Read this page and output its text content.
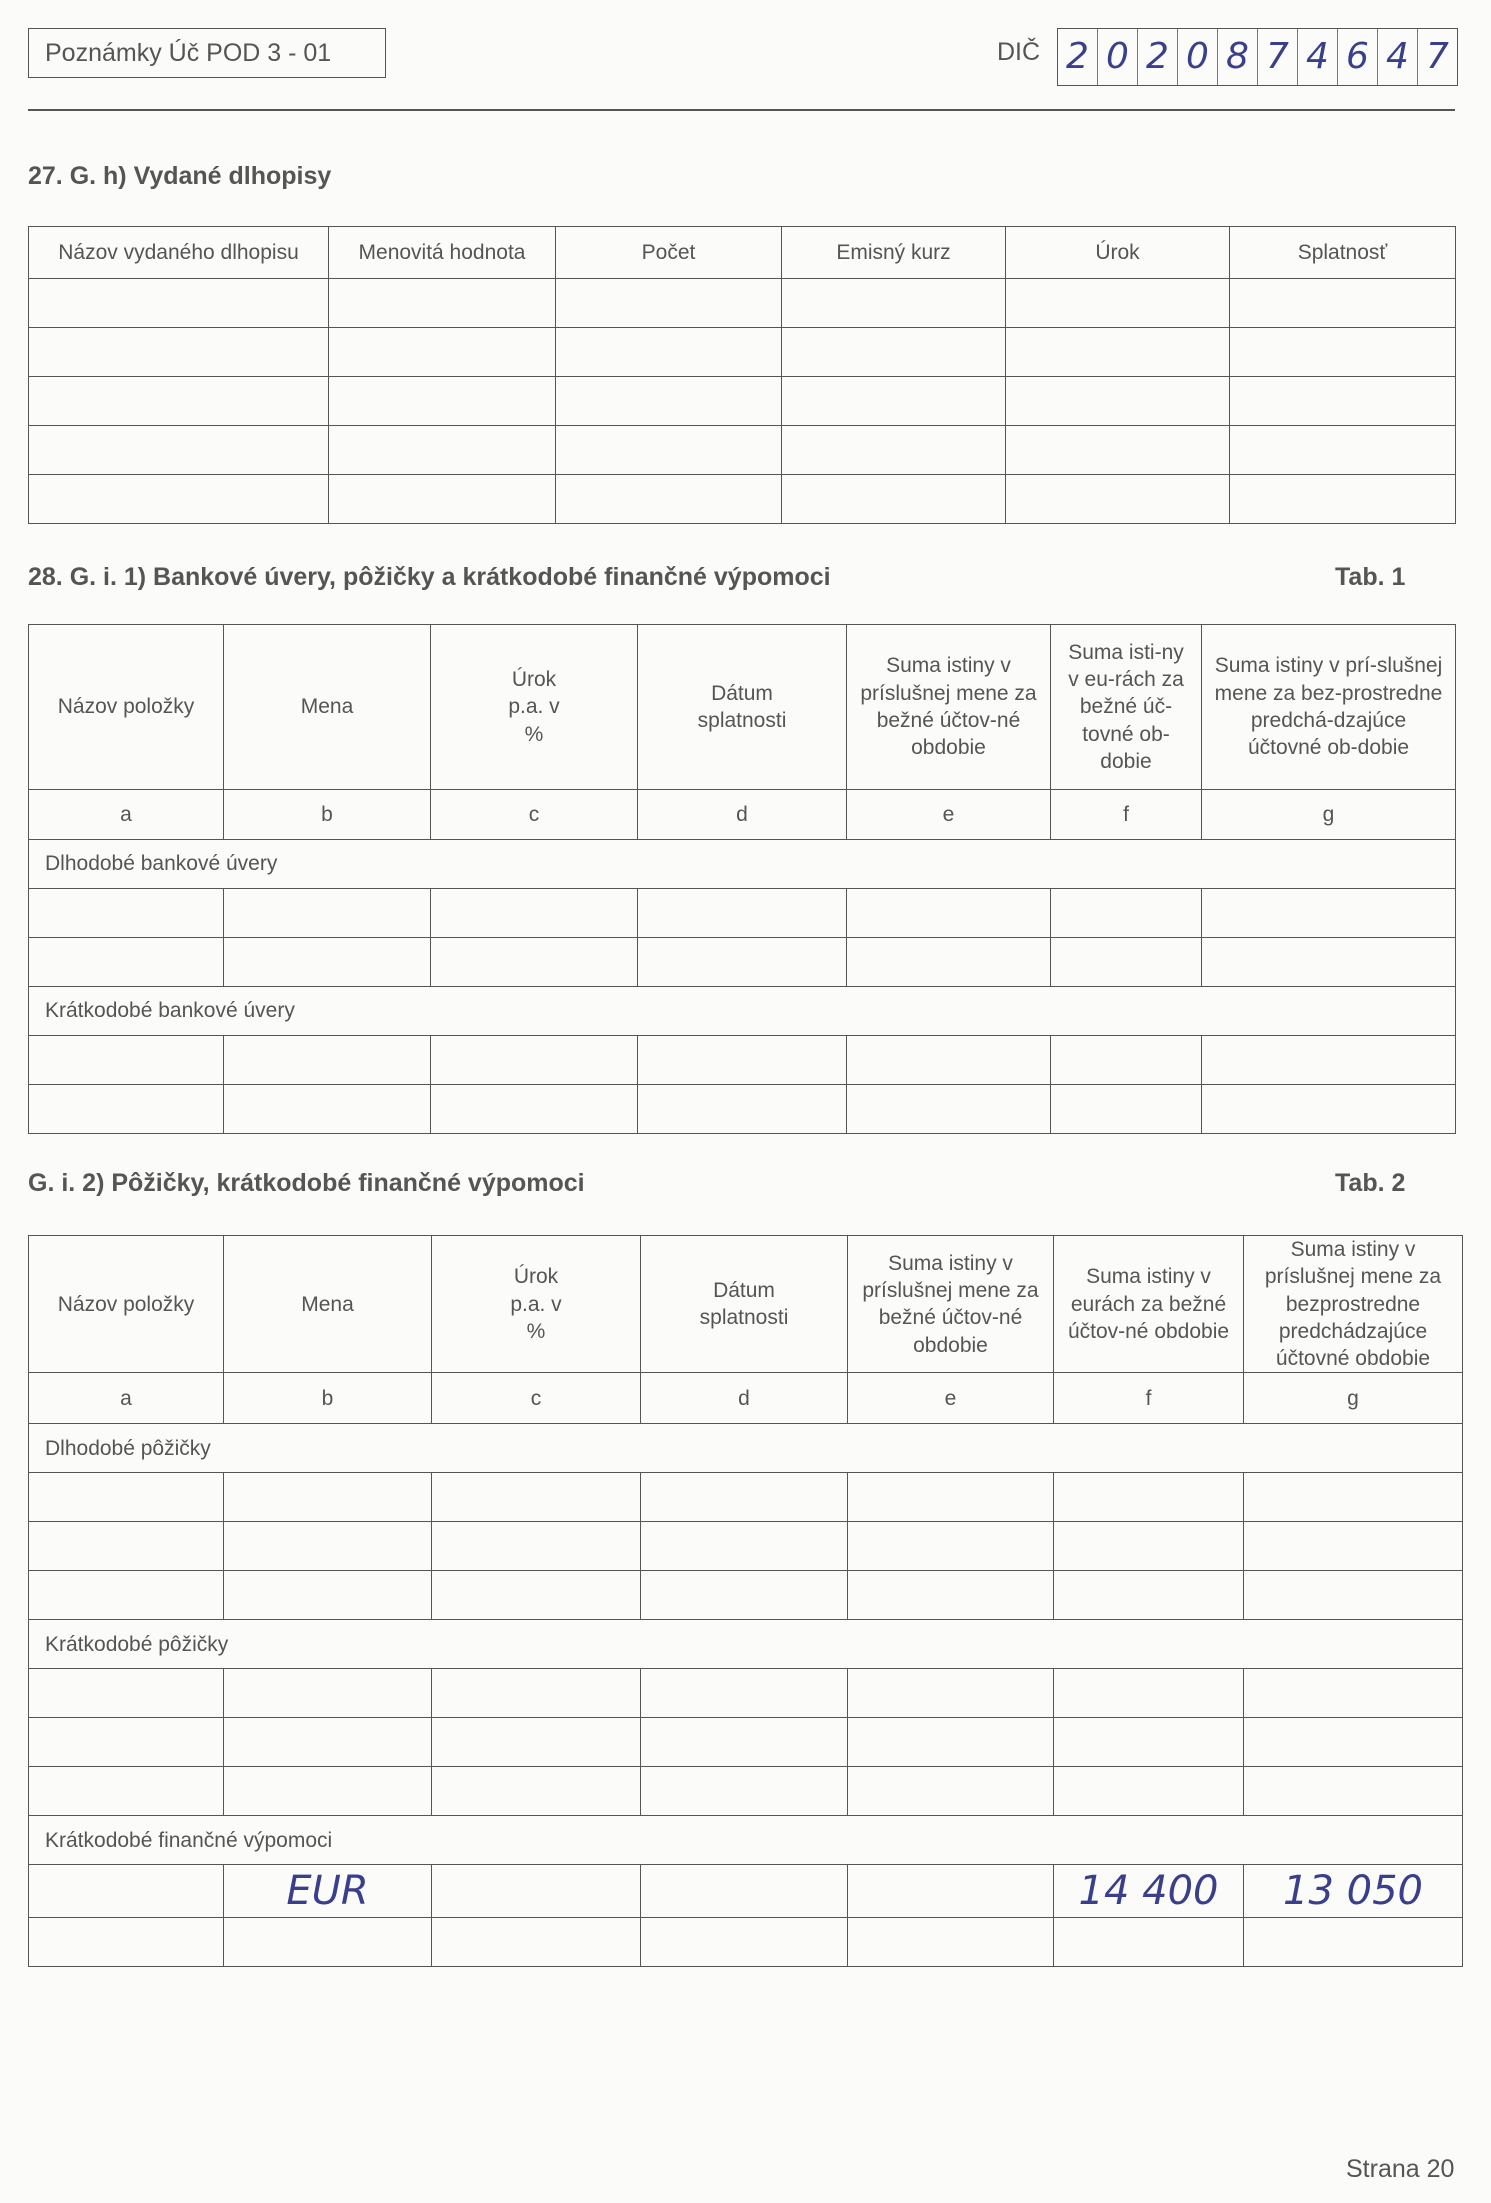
Poznámky Úč POD 3 - 01	DIČ 2 0 2 0 8 7 4 6 4 7
27. G. h) Vydané dlhopisy
Názov vydaného dlhopisu	Menovitá hodnota	Počet	Emisný kurz	Úrok	Splatnosť

28. G. i. 1) Bankové úvery, pôžičky a krátkodobé finančné výpomoci	Tab. 1
Názov položky	Mena	Úrok p.a. v %	Dátum splatnosti	Suma istiny v príslušnej mene za bežné účtov-né obdobie	Suma isti-ny v eu-rách za bežné úč-tovné ob-dobie	Suma istiny v prí-slušnej mene za bez-prostredne predchá-dzajúce účtovné ob-dobie
a	b	c	d	e	f	g
Dlhodobé bankové úvery						

Krátkodobé bankové úvery						

G. i. 2) Pôžičky, krátkodobé finančné výpomoci	Tab. 2
Názov položky	Mena	Úrok p.a. v %	Dátum splatnosti	Suma istiny v príslušnej mene za bežné účtov-né obdobie	Suma istiny v eurách za bežné účtov-né obdobie	Suma istiny v príslušnej mene za bezprostredne predchádzajúce účtovné obdobie
a	b	c	d	e	f	g
Dlhodobé pôžičky						

Krátkodobé pôžičky						

Krátkodobé finančné výpomoci						
	EUR				14 400	13 050

Strana 20
